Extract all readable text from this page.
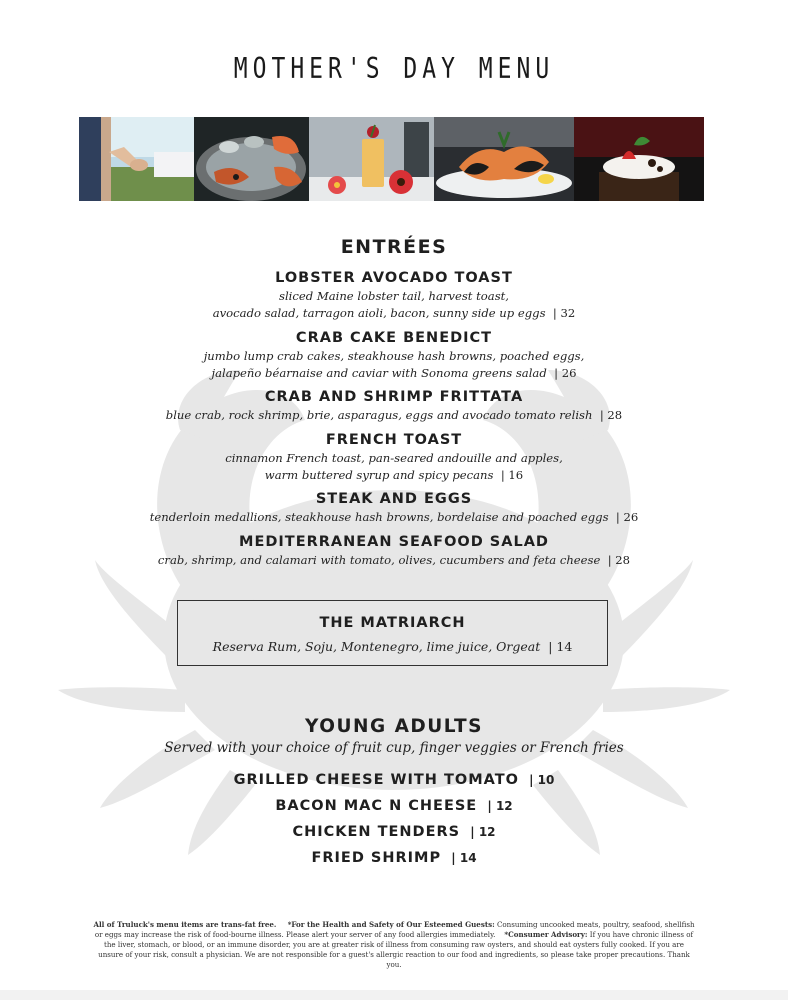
MOTHER'S DAY MENU
ENTRÉES
LOBSTER AVOCADO TOAST
sliced Maine lobster tail, harvest toast,
avocado salad, tarragon aioli, bacon, sunny side up eggs | 32
CRAB CAKE BENEDICT
jumbo lump crab cakes, steakhouse hash browns, poached eggs,
jalapeño béarnaise and caviar with Sonoma greens salad | 26
CRAB AND SHRIMP FRITTATA
blue crab, rock shrimp, brie, asparagus, eggs and avocado tomato relish | 28
FRENCH TOAST
cinnamon French toast, pan-seared andouille and apples,
warm buttered syrup and spicy pecans | 16
STEAK AND EGGS
tenderloin medallions, steakhouse hash browns, bordelaise and poached eggs | 26
MEDITERRANEAN SEAFOOD SALAD
crab, shrimp, and calamari with tomato, olives, cucumbers and feta cheese | 28
THE MATRIARCH
Reserva Rum, Soju, Montenegro, lime juice, Orgeat | 14
YOUNG ADULTS
Served with your choice of fruit cup, finger veggies or French fries
GRILLED CHEESE WITH TOMATO | 10
BACON MAC N CHEESE | 12
CHICKEN TENDERS | 12
FRIED SHRIMP | 14
All of Truluck's menu items are trans-fat free. *For the Health and Safety of Our Esteemed Guests: Consuming uncooked meats, poultry, seafood, shellfish or eggs may increase the risk of food-bourne illness. Please alert your server of any food allergies immediately. *Consumer Advisory: If you have chronic illness of the liver, stomach, or blood, or an immune disorder, you are at greater risk of illness from consuming raw oysters, and should eat oysters fully cooked. If you are unsure of your risk, consult a physician. We are not responsible for a guest's allergic reaction to our food and ingredients, so please take proper precautions. Thank you.
